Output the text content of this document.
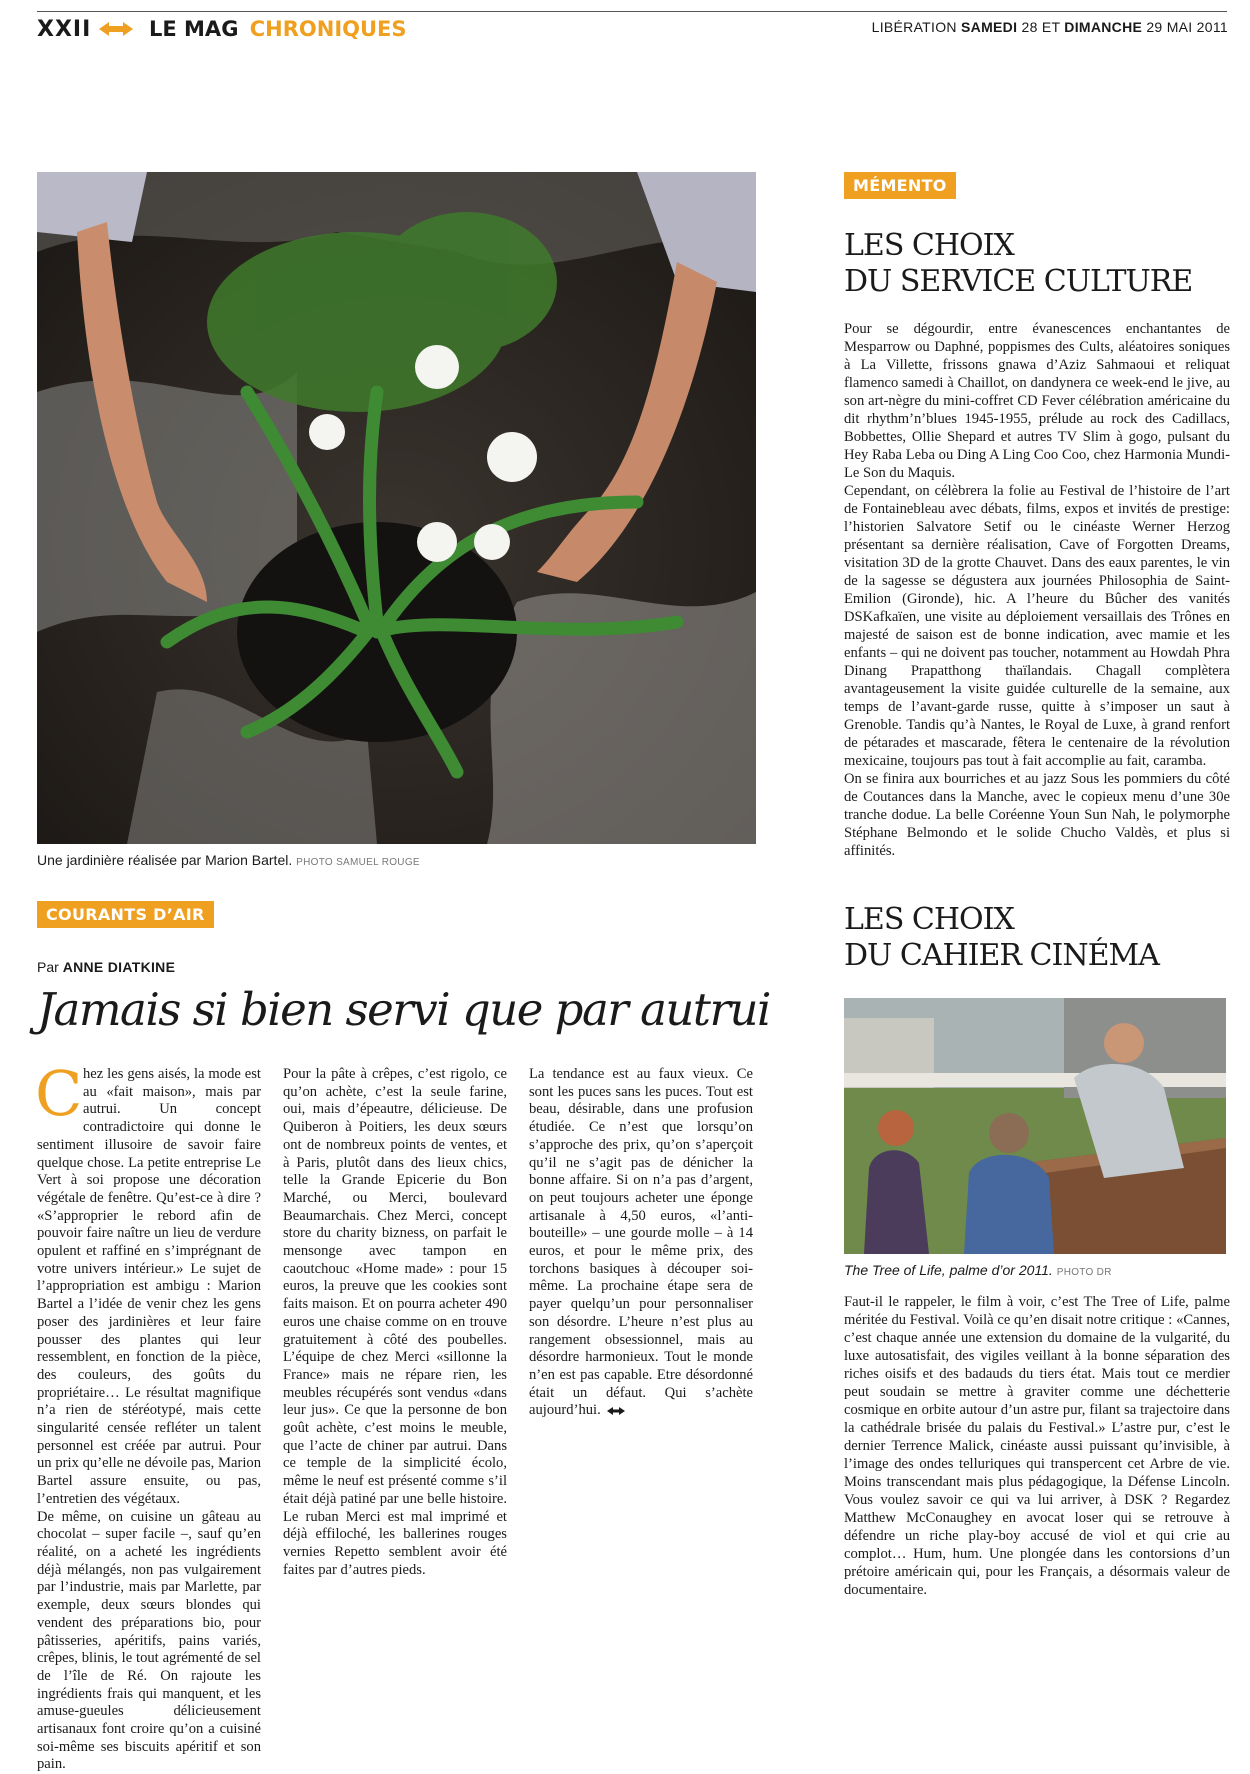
XXII	LE MAG CHRONIQUES	LIBÉRATION SAMEDI 28 ET DIMANCHE 29 MAI 2011
Une jardinière réalisée par Marion Bartel. PHOTO SAMUEL ROUGE
MÉMENTO
LES CHOIX
DU SERVICE CULTURE

Pour se dégourdir, entre évanescences enchantantes de Mesparrow ou Daphné, poppismes des Cults, aléatoires soniques à La Villette, frissons gnawa d’Aziz Sahmaoui et reliquat flamenco samedi à Chaillot, on dandynera ce week-end le jive, au son art-nègre du mini-coffret CD Fever célébration américaine du dit rhythm’n’blues 1945-1955, prélude au rock des Cadillacs, Bobbettes, Ollie Shepard et autres TV Slim à gogo, pulsant du Hey Raba Leba ou Ding A Ling Coo Coo, chez Harmonia Mundi-Le Son du Maquis.

Cependant, on célèbrera la folie au Festival de l’histoire de l’art de Fontainebleau avec débats, films, expos et invités de prestige: l’historien Salvatore Setif ou le cinéaste Werner Herzog présentant sa dernière réalisation, Cave of Forgotten Dreams, visitation 3D de la grotte Chauvet. Dans des eaux parentes, le vin de la sagesse se dégustera aux journées Philosophia de Saint-Emilion (Gironde), hic. A l’heure du Bûcher des vanités DSKafkaïen, une visite au déploiement versaillais des Trônes en majesté de saison est de bonne indication, avec mamie et les enfants – qui ne doivent pas toucher, notamment au Howdah Phra Dinang Prapatthong thaïlandais. Chagall complètera avantageusement la visite guidée culturelle de la semaine, aux temps de l’avant-garde russe, quitte à s’imposer un saut à Grenoble. Tandis qu’à Nantes, le Royal de Luxe, à grand renfort de pétarades et mascarade, fêtera le centenaire de la révolution mexicaine, toujours pas tout à fait accomplie au fait, caramba.

On se finira aux bourriches et au jazz Sous les pommiers du côté de Coutances dans la Manche, avec le copieux menu d’une 30e tranche dodue. La belle Coréenne Youn Sun Nah, le polymorphe Stéphane Belmondo et le solide Chucho Valdès, et plus si affinités.

LES CHOIX
DU CAHIER CINÉMA
The Tree of Life, palme d’or 2011. PHOTO DR

Faut-il le rappeler, le film à voir, c’est The Tree of Life, palme méritée du Festival. Voilà ce qu’en disait notre critique : «Cannes, c’est chaque année une extension du domaine de la vulgarité, du luxe autosatisfait, des vigiles veillant à la bonne séparation des riches oisifs et des badauds du tiers état. Mais tout ce merdier peut soudain se mettre à graviter comme une déchetterie cosmique en orbite autour d’un astre pur, filant sa trajectoire dans la cathédrale brisée du palais du Festival.» L’astre pur, c’est le dernier Terrence Malick, cinéaste aussi puissant qu’invisible, à l’image des ondes telluriques qui transpercent cet Arbre de vie. Moins transcendant mais plus pédagogique, la Défense Lincoln. Vous voulez savoir ce qui va lui arriver, à DSK ? Regardez Matthew McConaughey en avocat loser qui se retrouve à défendre un riche play-boy accusé de viol et qui crie au complot… Hum, hum. Une plongée dans les contorsions d’un prétoire américain qui, pour les Français, a désormais valeur de documentaire.

COURANTS D’AIR
Par ANNE DIATKINE
Jamais si bien servi que par autrui

C hez les gens aisés, la mode est au «fait maison», mais par autrui. Un concept contradictoire qui donne le sentiment illusoire de savoir faire quelque chose. La petite entreprise Le Vert à soi propose une décoration végétale de fenêtre. Qu’est-ce à dire ? «S’approprier le rebord afin de pouvoir faire naître un lieu de verdure opulent et raffiné en s’imprégnant de votre univers intérieur.» Le sujet de l’appropriation est ambigu : Marion Bartel a l’idée de venir chez les gens poser des jardinières et leur faire pousser des plantes qui leur ressemblent, en fonction de la pièce, des couleurs, des goûts du propriétaire… Le résultat magnifique n’a rien de stéréotypé, mais cette singularité censée refléter un talent personnel est créée par autrui. Pour un prix qu’elle ne dévoile pas, Marion Bartel assure ensuite, ou pas, l’entretien des végétaux.

De même, on cuisine un gâteau au chocolat – super facile –, sauf qu’en réalité, on a acheté les ingrédients déjà mélangés, non pas vulgairement par l’industrie, mais par Marlette, par exemple, deux sœurs blondes qui vendent des préparations bio, pour pâtisseries, apéritifs, pains variés, crêpes, blinis, le tout agrémenté de sel de l’île de Ré. On rajoute les ingrédients frais qui manquent, et les amuse-gueules délicieusement artisanaux font croire qu’on a cuisiné soi-même ses biscuits apéritif et son pain.

Pour la pâte à crêpes, c’est rigolo, ce qu’on achète, c’est la seule farine, oui, mais d’épeautre, délicieuse. De Quiberon à Poitiers, les deux sœurs ont de nombreux points de ventes, et à Paris, plutôt dans des lieux chics, telle la Grande Epicerie du Bon Marché, ou Merci, boulevard Beaumarchais. Chez Merci, concept store du charity bizness, on parfait le mensonge avec tampon en caoutchouc «Home made» : pour 15 euros, la preuve que les cookies sont faits maison. Et on pourra acheter 490 euros une chaise comme on en trouve gratuitement à côté des poubelles. L’équipe de chez Merci «sillonne la France» mais ne répare rien, les meubles récupérés sont vendus «dans leur jus». Ce que la personne de bon goût achète, c’est moins le meuble, que l’acte de chiner par autrui. Dans ce temple de la simplicité écolo, même le neuf est présenté comme s’il était déjà patiné par une belle histoire. Le ruban Merci est mal imprimé et déjà effiloché, les ballerines rouges vernies Repetto semblent avoir été faites par d’autres pieds.

La tendance est au faux vieux. Ce sont les puces sans les puces. Tout est beau, désirable, dans une profusion étudiée. Ce n’est que lorsqu’on s’approche des prix, qu’on s’aperçoit qu’il ne s’agit pas de dénicher la bonne affaire. Si on n’a pas d’argent, on peut toujours acheter une éponge artisanale à 4,50 euros, «l’anti-bouteille» – une gourde molle – à 14 euros, et pour le même prix, des torchons basiques à découper soi-même. La prochaine étape sera de payer quelqu’un pour personnaliser son désordre. L’heure n’est plus au rangement obsessionnel, mais au désordre harmonieux. Tout le monde n’en est pas capable. Etre désordonné était un défaut. Qui s’achète aujourd’hui.
